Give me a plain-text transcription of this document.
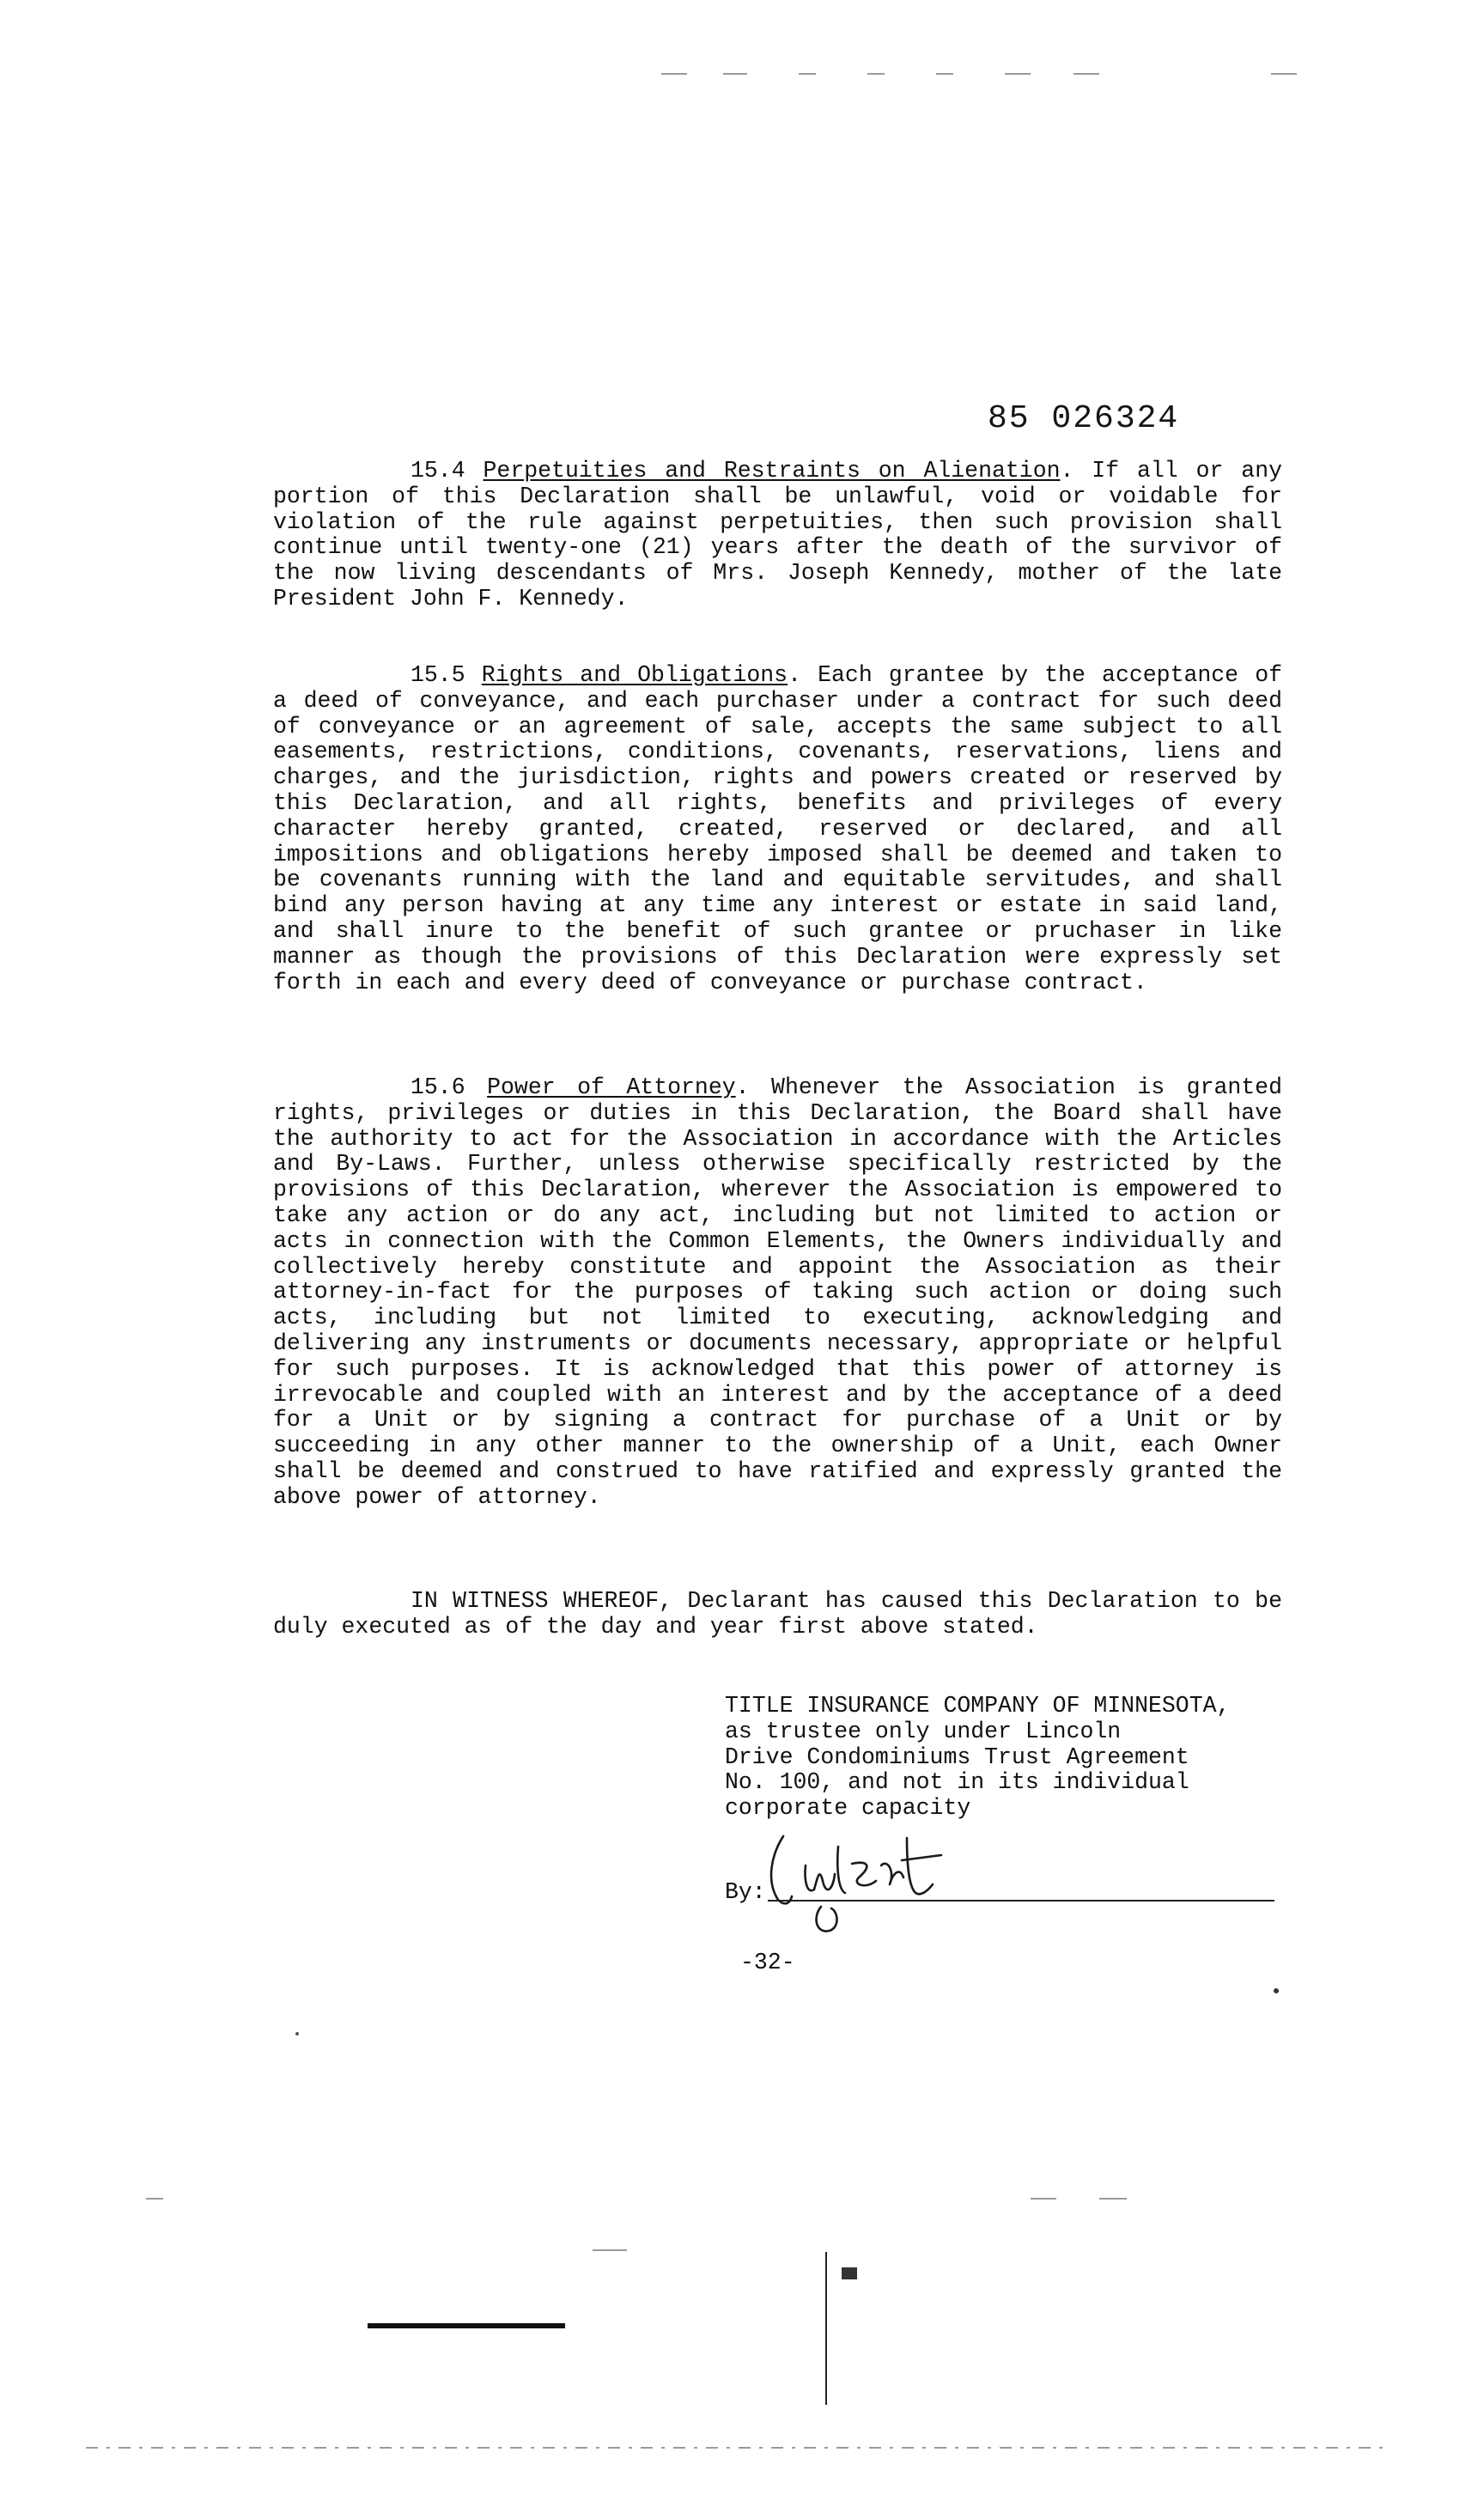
85 026324

15.4 Perpetuities and Restraints on Alienation. If all or any portion of this Declaration shall be unlawful, void or voidable for violation of the rule against perpetuities, then such provision shall continue until twenty-one (21) years after the death of the survivor of the now living descendants of Mrs. Joseph Kennedy, mother of the late President John F. Kennedy.

15.5 Rights and Obligations. Each grantee by the acceptance of a deed of conveyance, and each purchaser under a contract for such deed of conveyance or an agreement of sale, accepts the same subject to all easements, restrictions, conditions, covenants, reservations, liens and charges, and the jurisdiction, rights and powers created or reserved by this Declaration, and all rights, benefits and privileges of every character hereby granted, created, reserved or declared, and all impositions and obligations hereby imposed shall be deemed and taken to be covenants running with the land and equitable servitudes, and shall bind any person having at any time any interest or estate in said land, and shall inure to the benefit of such grantee or pruchaser in like manner as though the provisions of this Declaration were expressly set forth in each and every deed of conveyance or purchase contract.

15.6 Power of Attorney. Whenever the Association is granted rights, privileges or duties in this Declaration, the Board shall have the authority to act for the Association in accordance with the Articles and By-Laws. Further, unless otherwise specifically restricted by the provisions of this Declaration, wherever the Association is empowered to take any action or do any act, including but not limited to action or acts in connection with the Common Elements, the Owners individually and collectively hereby constitute and appoint the Association as their attorney-in-fact for the purposes of taking such action or doing such acts, including but not limited to executing, acknowledging and delivering any instruments or documents necessary, appropriate or helpful for such purposes. It is acknowledged that this power of attorney is irrevocable and coupled with an interest and by the acceptance of a deed for a Unit or by signing a contract for purchase of a Unit or by succeeding in any other manner to the ownership of a Unit, each Owner shall be deemed and construed to have ratified and expressly granted the above power of attorney.

IN WITNESS WHEREOF, Declarant has caused this Declaration to be duly executed as of the day and year first above stated.

TITLE INSURANCE COMPANY OF MINNESOTA,
as trustee only under Lincoln
Drive Condominiums Trust Agreement
No. 100, and not in its individual
corporate capacity
By:
-32-
